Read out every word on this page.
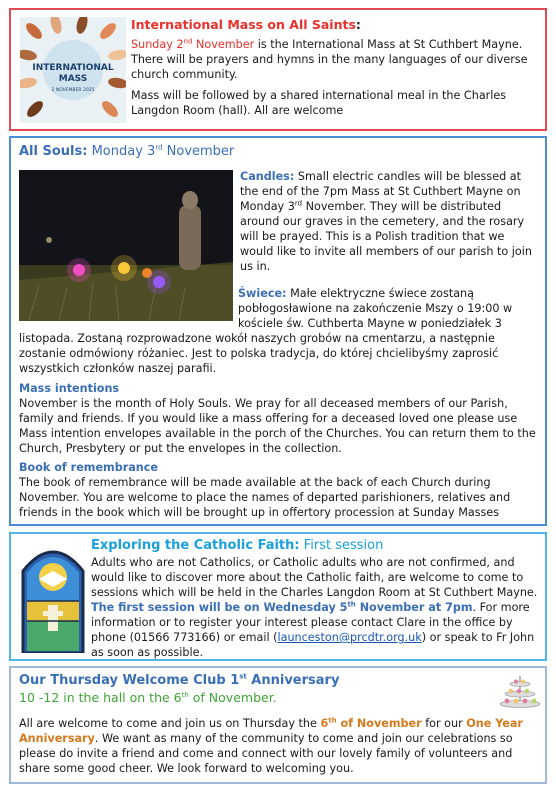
INTERNATIONAL
MASS
2 NOVEMBER 2025
International Mass on All Saints:

Sunday 2nd November is the International Mass at St Cuthbert Mayne. There will be prayers and hymns in the many languages of our diverse church community.

Mass will be followed by a shared international meal in the Charles Langdon Room (hall). All are welcome

All Souls: Monday 3rd November

Candles: Small electric candles will be blessed at the end of the 7pm Mass at St Cuthbert Mayne on Monday 3rd November. They will be distributed around our graves in the cemetery, and the rosary will be prayed. This is a Polish tradition that we would like to invite all members of our parish to join us in.

Świece: Małe elektryczne świece zostaną pobłogosławione na zakończenie Mszy o 19:00 w kościele św. Cuthberta Mayne w poniedziałek 3
listopada. Zostaną rozprowadzone wokół naszych grobów na cmentarzu, a następnie zostanie odmówiony różaniec. Jest to polska tradycja, do której chcielibyśmy zaprosić wszystkich członków naszej parafii.

Mass intentions

November is the month of Holy Souls. We pray for all deceased members of our Parish, family and friends. If you would like a mass offering for a deceased loved one please use Mass intention envelopes available in the porch of the Churches. You can return them to the Church, Presbytery or put the envelopes in the collection.

Book of remembrance

The book of remembrance will be made available at the back of each Church during November. You are welcome to place the names of departed parishioners, relatives and friends in the book which will be brought up in offertory procession at Sunday Masses

Exploring the Catholic Faith: First session

Adults who are not Catholics, or Catholic adults who are not confirmed, and would like to discover more about the Catholic faith, are welcome to come to sessions which will be held in the Charles Langdon Room at St Cuthbert Mayne. The first session will be on Wednesday 5th November at 7pm. For more information or to register your interest please contact Clare in the office by phone (01566 773166) or email (launceston@prcdtr.org.uk) or speak to Fr John as soon as possible.

Our Thursday Welcome Club 1st Anniversary

10 -12 in the hall on the 6th of November.

All are welcome to come and join us on Thursday the 6th of November for our One Year Anniversary. We want as many of the community to come and join our celebrations so please do invite a friend and come and connect with our lovely family of volunteers and share some good cheer. We look forward to welcoming you.
